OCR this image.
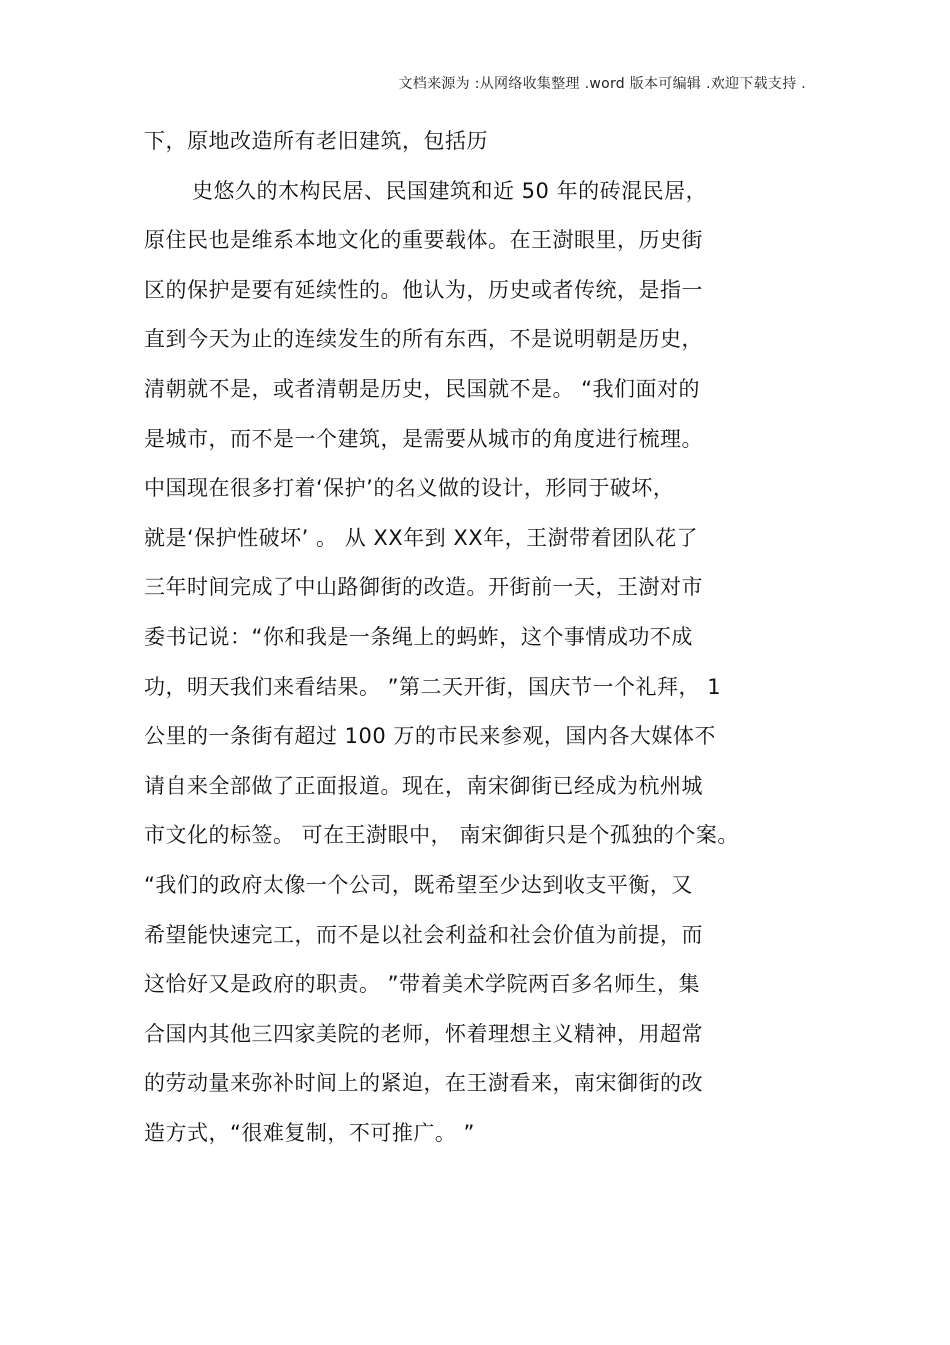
文档来源为 :从网络收集整理 .word 版本可编辑 .欢迎下载支持 .
下，原地改造所有老旧建筑，包括历
史悠久的木构民居、民国建筑和近 50 年的砖混民居，
原住民也是维系本地文化的重要载体。在王澍眼里，历史街
区的保护是要有延续性的。他认为，历史或者传统，是指一
直到今天为止的连续发生的所有东西，不是说明朝是历史，
清朝就不是，或者清朝是历史，民国就不是。 “我们面对的
是城市，而不是一个建筑，是需要从城市的角度进行梳理。
中国现在很多打着‘保护’的名义做的设计，形同于破坏，
就是‘保护性破坏’ 。 从 XX年到 XX年，王澍带着团队花了
三年时间完成了中山路御街的改造。开街前一天，王澍对市
委书记说：“你和我是一条绳上的蚂蚱，这个事情成功不成
功，明天我们来看结果。 ”第二天开街，国庆节一个礼拜， 1
公里的一条街有超过 100 万的市民来参观，国内各大媒体不
请自来全部做了正面报道。现在，南宋御街已经成为杭州城
市文化的标签。 可在王澍眼中， 南宋御街只是个孤独的个案。
“我们的政府太像一个公司，既希望至少达到收支平衡，又
希望能快速完工，而不是以社会利益和社会价值为前提，而
这恰好又是政府的职责。 ”带着美术学院两百多名师生，集
合国内其他三四家美院的老师，怀着理想主义精神，用超常
的劳动量来弥补时间上的紧迫，在王澍看来，南宋御街的改
造方式，“很难复制，不可推广。 ”
